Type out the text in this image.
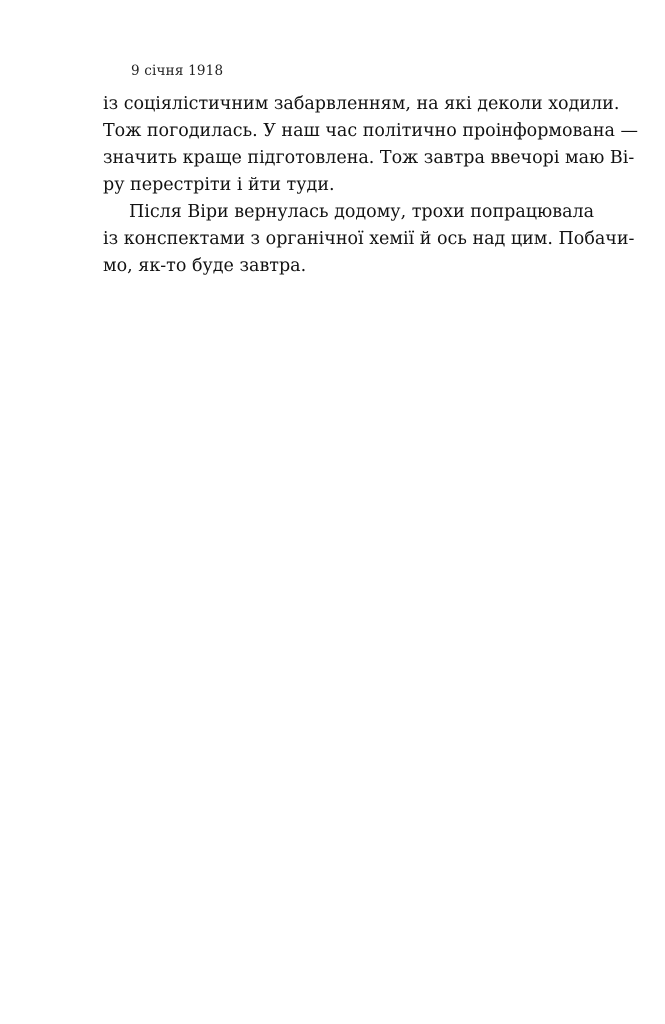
9 січня 1918
із соціялістичним забарвленням, на які деколи ходили.
Тож погодилась. У наш час політично проінформована —
значить краще підготовлена. Тож завтра ввечорі маю Ві-
ру перестріти і йти туди.
Після Віри вернулась додому, трохи попрацювала
із конспектами з органічної хемії й ось над цим. Побачи-
мо, як-то буде завтра.
